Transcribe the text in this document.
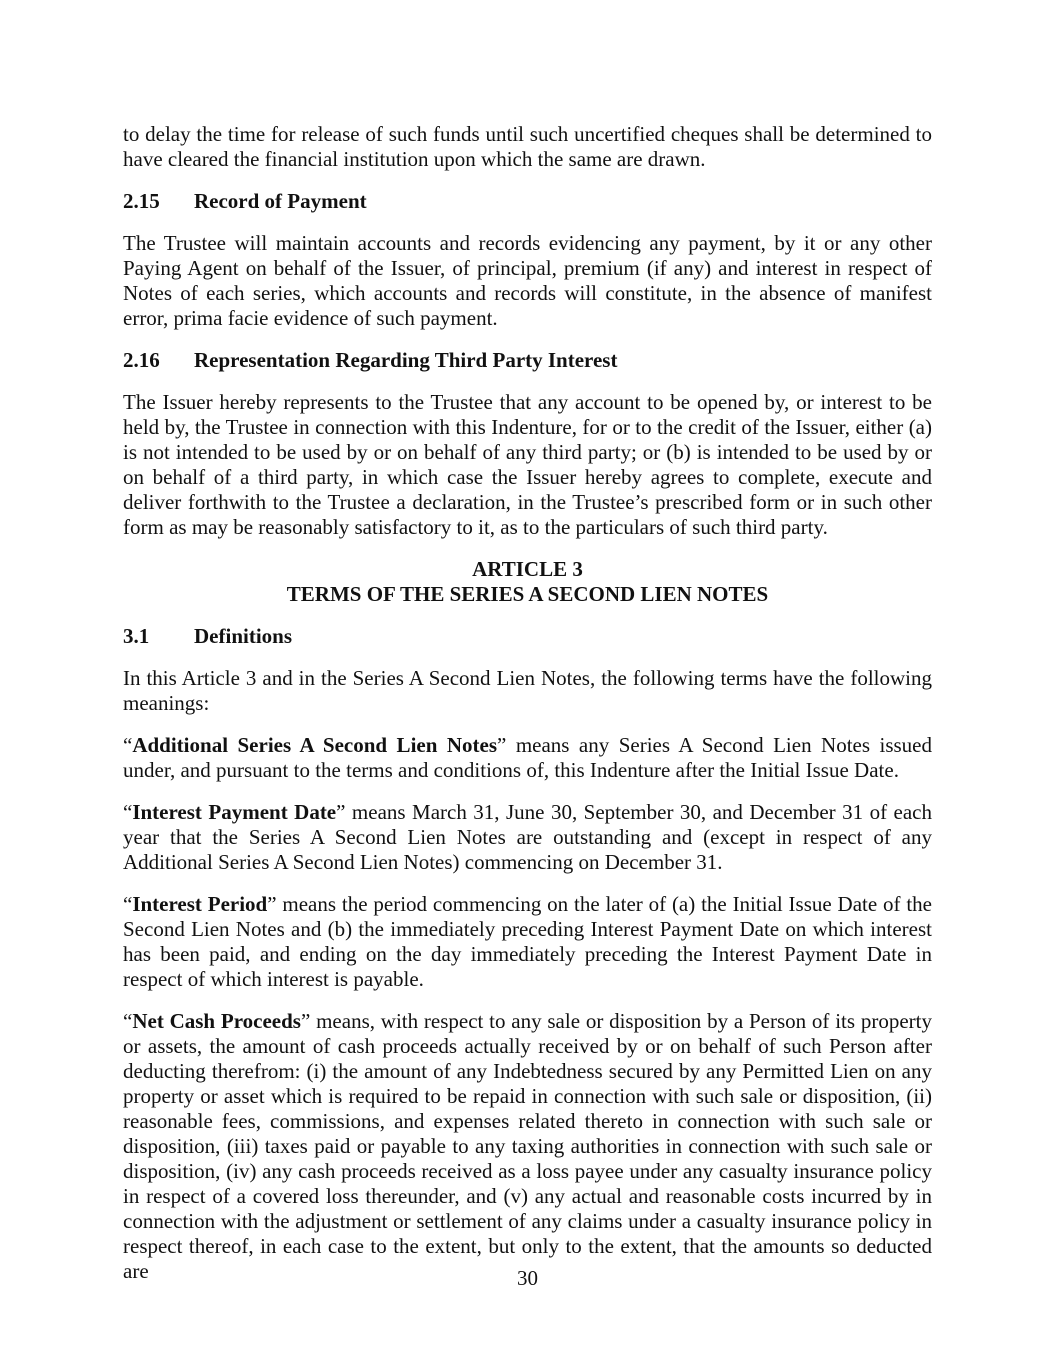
to delay the time for release of such funds until such uncertified cheques shall be determined to have cleared the financial institution upon which the same are drawn.

2.15 Record of Payment

The Trustee will maintain accounts and records evidencing any payment, by it or any other Paying Agent on behalf of the Issuer, of principal, premium (if any) and interest in respect of Notes of each series, which accounts and records will constitute, in the absence of manifest error, prima facie evidence of such payment.

2.16 Representation Regarding Third Party Interest

The Issuer hereby represents to the Trustee that any account to be opened by, or interest to be held by, the Trustee in connection with this Indenture, for or to the credit of the Issuer, either (a) is not intended to be used by or on behalf of any third party; or (b) is intended to be used by or on behalf of a third party, in which case the Issuer hereby agrees to complete, execute and deliver forthwith to the Trustee a declaration, in the Trustee’s prescribed form or in such other form as may be reasonably satisfactory to it, as to the particulars of such third party.

ARTICLE 3
TERMS OF THE SERIES A SECOND LIEN NOTES
3.1 Definitions

In this Article 3 and in the Series A Second Lien Notes, the following terms have the following meanings:

“Additional Series A Second Lien Notes” means any Series A Second Lien Notes issued under, and pursuant to the terms and conditions of, this Indenture after the Initial Issue Date.

“Interest Payment Date” means March 31, June 30, September 30, and December 31 of each year that the Series A Second Lien Notes are outstanding and (except in respect of any Additional Series A Second Lien Notes) commencing on December 31.

“Interest Period” means the period commencing on the later of (a) the Initial Issue Date of the Second Lien Notes and (b) the immediately preceding Interest Payment Date on which interest has been paid, and ending on the day immediately preceding the Interest Payment Date in respect of which interest is payable.

“Net Cash Proceeds” means, with respect to any sale or disposition by a Person of its property or assets, the amount of cash proceeds actually received by or on behalf of such Person after deducting therefrom: (i) the amount of any Indebtedness secured by any Permitted Lien on any property or asset which is required to be repaid in connection with such sale or disposition, (ii) reasonable fees, commissions, and expenses related thereto in connection with such sale or disposition, (iii) taxes paid or payable to any taxing authorities in connection with such sale or disposition, (iv) any cash proceeds received as a loss payee under any casualty insurance policy in respect of a covered loss thereunder, and (v) any actual and reasonable costs incurred by in connection with the adjustment or settlement of any claims under a casualty insurance policy in respect thereof, in each case to the extent, but only to the extent, that the amounts so deducted are	30
